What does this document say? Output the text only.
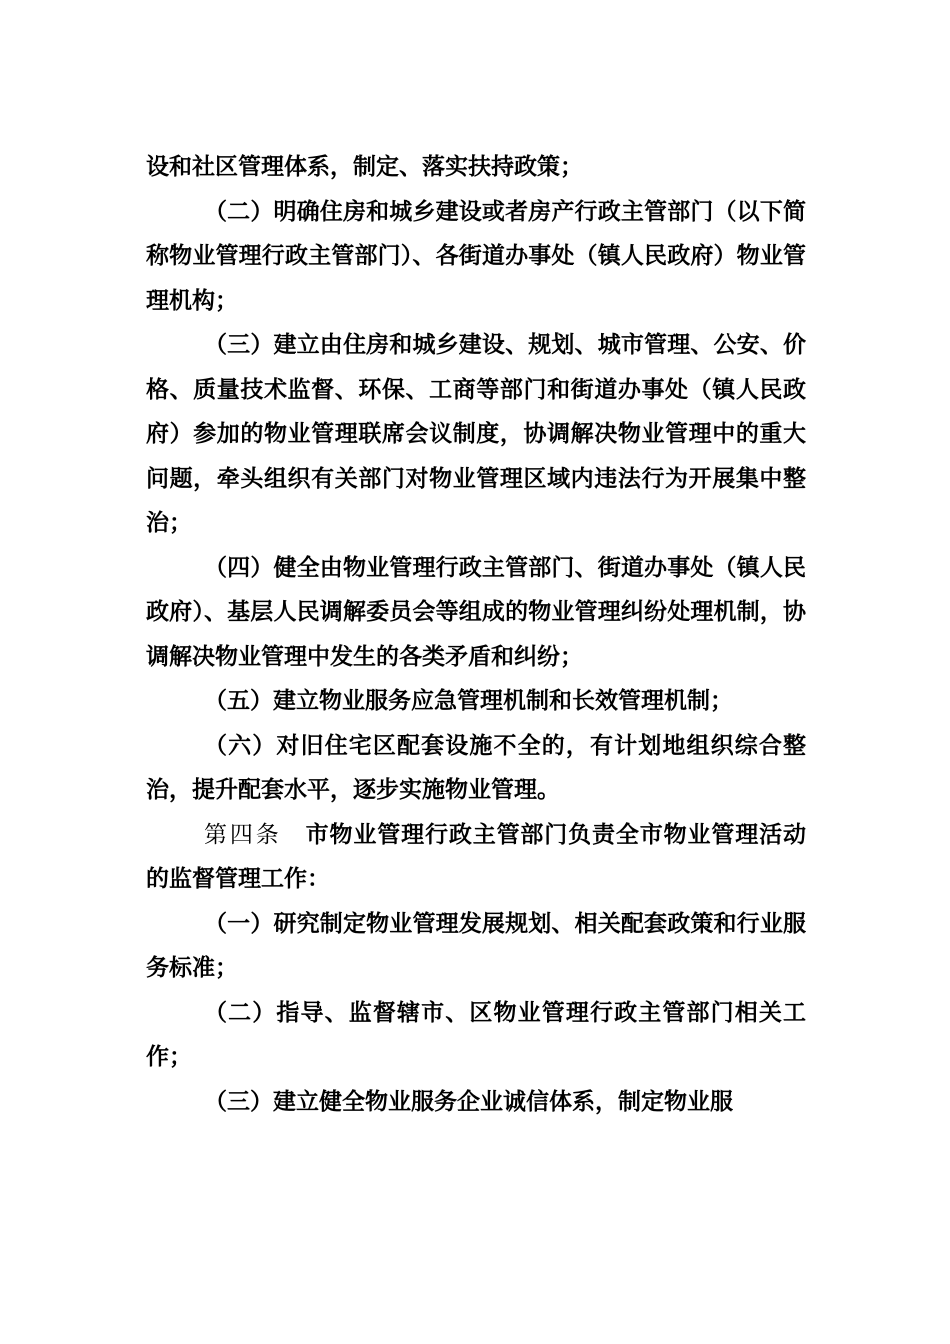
设和社区管理体系，制定、落实扶持政策；

（二）明确住房和城乡建设或者房产行政主管部门（以下简称物业管理行政主管部门）、各街道办事处（镇人民政府）物业管理机构；

（三）建立由住房和城乡建设、规划、城市管理、公安、价格、质量技术监督、环保、工商等部门和街道办事处（镇人民政府）参加的物业管理联席会议制度，协调解决物业管理中的重大问题，牵头组织有关部门对物业管理区域内违法行为开展集中整治；

（四）健全由物业管理行政主管部门、街道办事处（镇人民政府）、基层人民调解委员会等组成的物业管理纠纷处理机制，协调解决物业管理中发生的各类矛盾和纠纷；

（五）建立物业服务应急管理机制和长效管理机制；

（六）对旧住宅区配套设施不全的，有计划地组织综合整治，提升配套水平，逐步实施物业管理。

第四条 市物业管理行政主管部门负责全市物业管理活动的监督管理工作：

（一）研究制定物业管理发展规划、相关配套政策和行业服务标准；

（二）指导、监督辖市、区物业管理行政主管部门相关工作；

（三）建立健全物业服务企业诚信体系，制定物业服
